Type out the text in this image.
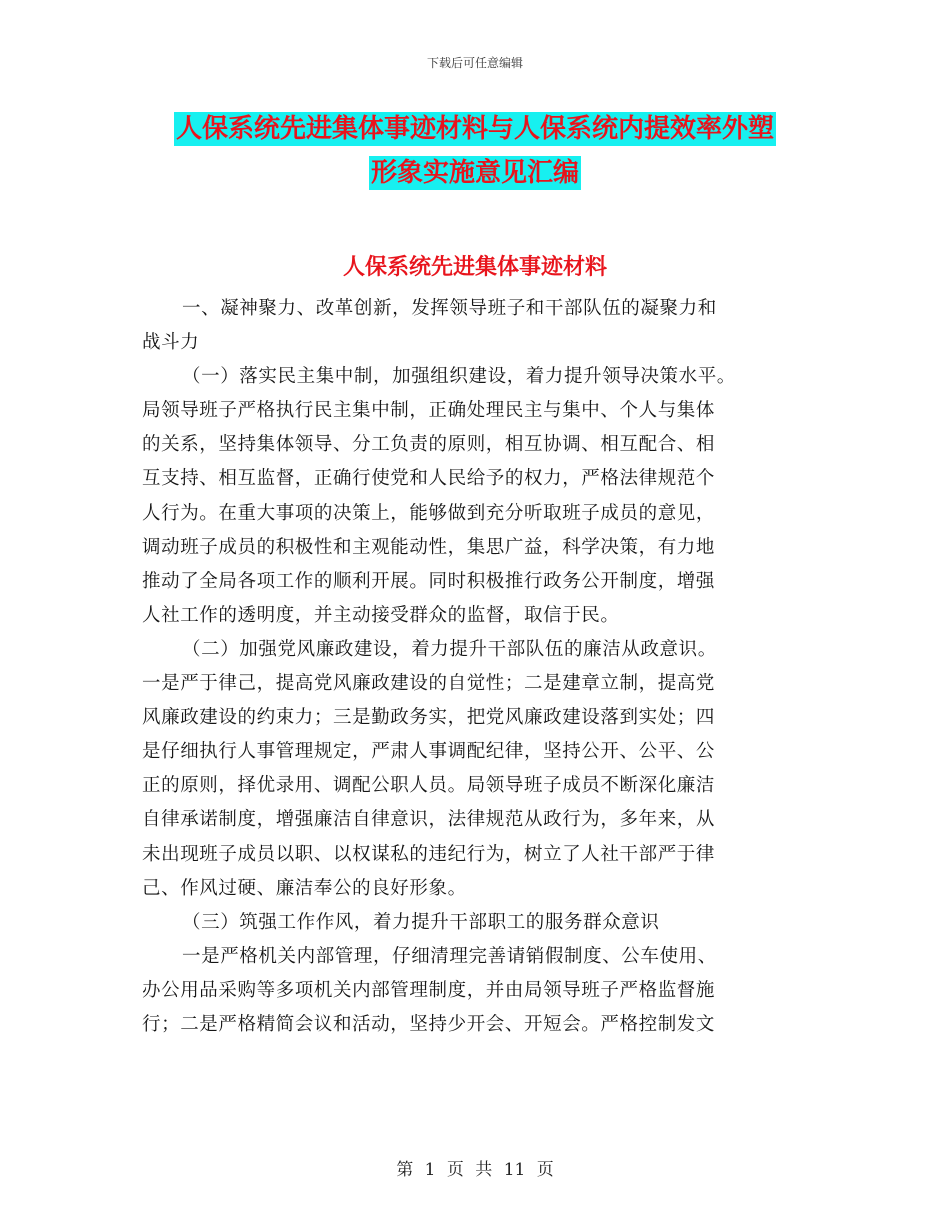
下载后可任意编辑
人保系统先进集体事迹材料与人保系统内提效率外塑
形象实施意见汇编
人保系统先进集体事迹材料
一、凝神聚力、改革创新，发挥领导班子和干部队伍的凝聚力和
战斗力
（一）落实民主集中制，加强组织建设，着力提升领导决策水平。
局领导班子严格执行民主集中制，正确处理民主与集中、个人与集体
的关系，坚持集体领导、分工负责的原则，相互协调、相互配合、相
互支持、相互监督，正确行使党和人民给予的权力，严格法律规范个
人行为。在重大事项的决策上，能够做到充分听取班子成员的意见，
调动班子成员的积极性和主观能动性，集思广益，科学决策，有力地
推动了全局各项工作的顺利开展。同时积极推行政务公开制度，增强
人社工作的透明度，并主动接受群众的监督，取信于民。
（二）加强党风廉政建设，着力提升干部队伍的廉洁从政意识。
一是严于律己，提高党风廉政建设的自觉性；二是建章立制，提高党
风廉政建设的约束力；三是勤政务实，把党风廉政建设落到实处；四
是仔细执行人事管理规定，严肃人事调配纪律，坚持公开、公平、公
正的原则，择优录用、调配公职人员。局领导班子成员不断深化廉洁
自律承诺制度，增强廉洁自律意识，法律规范从政行为，多年来，从
未出现班子成员以职、以权谋私的违纪行为，树立了人社干部严于律
己、作风过硬、廉洁奉公的良好形象。
（三）筑强工作作风，着力提升干部职工的服务群众意识
一是严格机关内部管理，仔细清理完善请销假制度、公车使用、
办公用品采购等多项机关内部管理制度，并由局领导班子严格监督施
行；二是严格精简会议和活动，坚持少开会、开短会。严格控制发文
第 1 页 共 11 页
